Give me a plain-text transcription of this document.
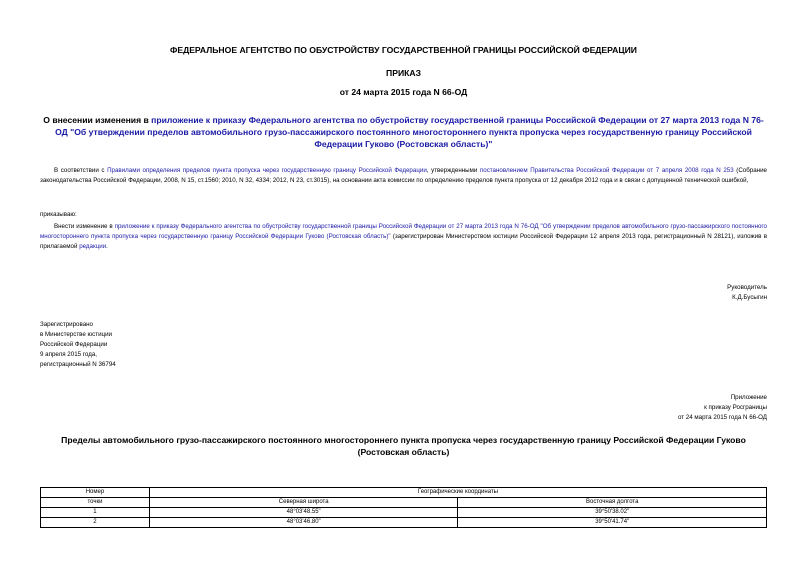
ФЕДЕРАЛЬНОЕ АГЕНТСТВО ПО ОБУСТРОЙСТВУ ГОСУДАРСТВЕННОЙ ГРАНИЦЫ РОССИЙСКОЙ ФЕДЕРАЦИИ
ПРИКАЗ
от 24 марта 2015 года N 66-ОД
О внесении изменения в приложение к приказу Федерального агентства по обустройству государственной границы Российской Федерации от 27 марта 2013 года N 76-ОД "Об утверждении пределов автомобильного грузо-пассажирского постоянного многостороннего пункта пропуска через государственную границу Российской Федерации Гуково (Ростовская область)"
В соответствии с Правилами определения пределов пункта пропуска через государственную границу Российской Федерации, утвержденными постановлением Правительства Российской Федерации от 7 апреля 2008 года N 253 (Собрание законодательства Российской Федерации, 2008, N 15, ст.1560; 2010, N 32, 4334; 2012, N 23, ст.3015), на основании акта комиссии по определению пределов пункта пропуска от 12 декабря 2012 года и в связи с допущенной технической ошибкой,
приказываю:
Внести изменение в приложение к приказу Федерального агентства по обустройству государственной границы Российской Федерации от 27 марта 2013 года N 76-ОД "Об утверждении пределов автомобильного грузо-пассажирского постоянного многостороннего пункта пропуска через государственную границу Российской Федерации Гуково (Ростовская область)" (зарегистрирован Министерством юстиции Российской Федерации 12 апреля 2013 года, регистрационный N 28121), изложив в прилагаемой редакции.
Руководитель
К.Д.Бусыгин
Зарегистрировано
в Министерстве юстиции
Российской Федерации
9 апреля 2015 года,
регистрационный N 36794
Приложение
к приказу Росграницы
от 24 марта 2015 года N 66-ОД
Пределы автомобильного грузо-пассажирского постоянного многостороннего пункта пропуска через государственную границу Российской Федерации Гуково (Ростовская область)
Номер	Географические координаты	
точки	Северная широта	Восточная долгота
1	48°03'48.55"	39°50'38.02"
2	48°03'46.80"	39°50'41.74"
